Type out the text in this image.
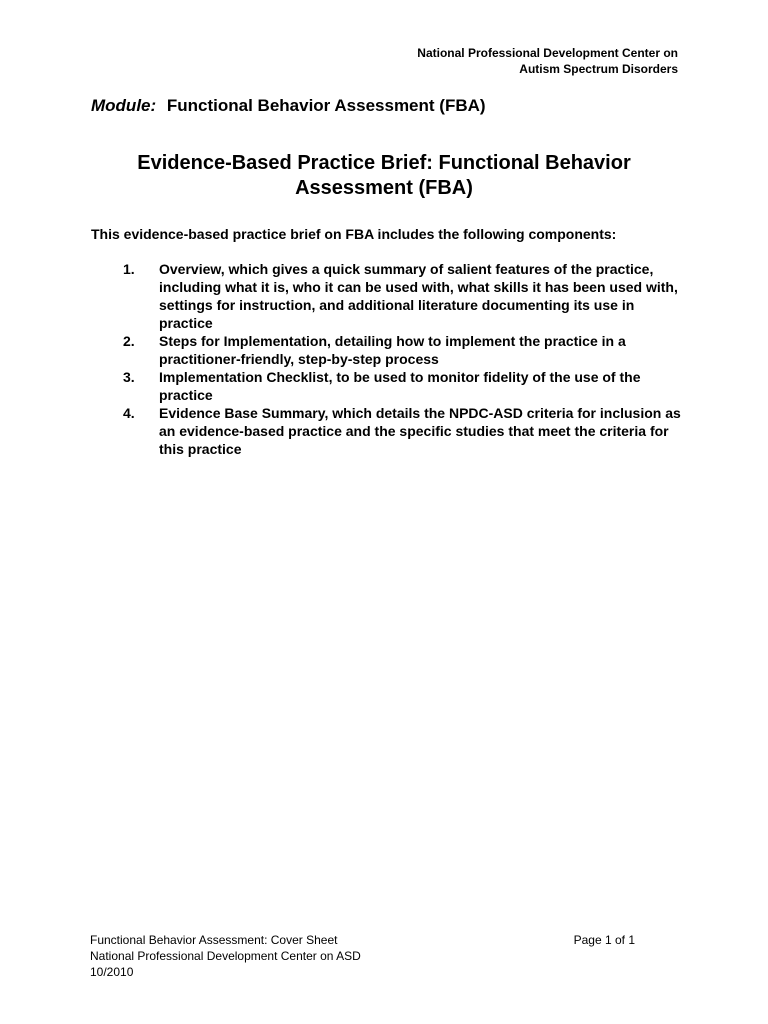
National Professional Development Center on
Autism Spectrum Disorders
Module: Functional Behavior Assessment (FBA)
Evidence-Based Practice Brief: Functional Behavior
Assessment (FBA)
This evidence-based practice brief on FBA includes the following components:
1.	Overview, which gives a quick summary of salient features of the practice, including what it is, who it can be used with, what skills it has been used with, settings for instruction, and additional literature documenting its use in practice
2.	Steps for Implementation, detailing how to implement the practice in a practitioner-friendly, step-by-step process
3.	Implementation Checklist, to be used to monitor fidelity of the use of the practice
4.	Evidence Base Summary, which details the NPDC-ASD criteria for inclusion as an evidence-based practice and the specific studies that meet the criteria for this practice
Functional Behavior Assessment: Cover Sheet	Page 1 of 1
National Professional Development Center on ASD
10/2010
